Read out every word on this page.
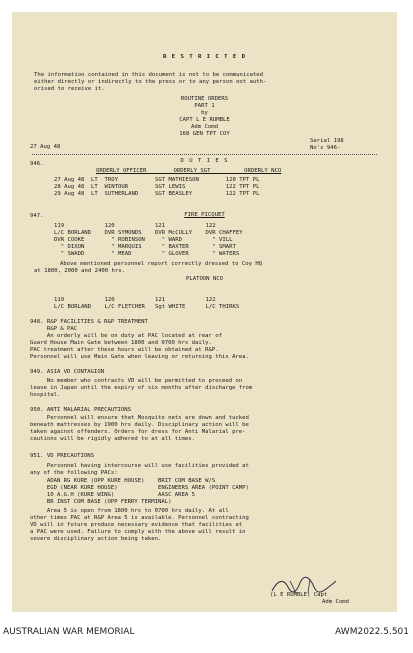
R E S T R I C T E D
The information contained in this document is not to be communicated
either directly or indirectly to the press or to any person not auth-
orised to receive it.
ROUTINE ORDERS
PART 1
by
CAPT L E RUMBLE
Adm Comd
168 GEN TPT COY
27 Aug 48
Serial 198
No's 946-
946.	D U T I E S
ORDERLY OFFICER        ORDERLY SGT          ORDERLY NCO
27 Aug 48  LT  TROY           SGT MATHIESON        120 TPT PL
28 Aug 48  LT  WINTOUR        SGT LEWIS            122 TPT PL
29 Aug 48  LT  SUTHERLAND     SGT BEASLEY          122 TPT PL
947.	FIRE PICQUET
119            120            121            122
L/C BORLAND    DVR SYMONDS    DVR McCULLY    DVR CHAFFEY
DVR COOKE        " ROBINSON     " WARD         " VILL
" DIXON        " MARQUIS      " BAXTER       " SMART
" SWADD        " MEAD         " GLOVER       " WATERS
Above mentioned personnel report correctly dressed to Coy HQ
at 1800, 2000 and 2400 hrs.
PLATOON NCO
119            120            121            122
L/C BORLAND    L/C FLETCHER   Sgt WHITE      L/C THIRKS
948. R&P FACILITIES & R&P TREATMENT
R&P & PAC
An orderly will be on duty at PAC located at rear of
Guard House Main Gate between 1800 and 0700 hrs daily.
PAC treatment after these hours will be obtained at R&P.
Personnel will use Main Gate when leaving or returning this Area.
949. ASIA VD CONTAGION
No member who contracts VD will be permitted to proceed on
leave in Japan until the expiry of six months after discharge from
hospital.
950. ANTI MALARIAL PRECAUTIONS
Personnel will ensure that Mosquito nets are down and tucked
beneath mattresses by 1900 hrs daily. Disciplinary action will be
taken against offenders. Orders for dress for Anti Malarial pre-
cautions will be rigidly adhered to at all times.
951. VD PRECAUTIONS
Personnel having intercourse will use facilities provided at
any of the following PACs:
ADAN RG KURE (OPP KURE HOUSE)    BRIT COM BASE W/S
EGD (NEAR KURE HOUSE)            ENGINEERS AREA (POINT CAMP)
10 A.G.H (KURE WING)             AASC AREA 5
BR INST COM BASE (OPP FERRY TERMINAL)
Area 5 is open from 1800 hrs to 0700 hrs daily. At all
other times PAC at R&P Area 5 is available. Personnel contracting
VD will in future produce necessary evidence that facilities at
a PAC were used. Failure to comply with the above will result in
severe disciplinary action being taken.
(L E RUMBLE) Capt
Adm Comd
AUSTRALIAN WAR MEMORIAL	AWM2022.5.501
